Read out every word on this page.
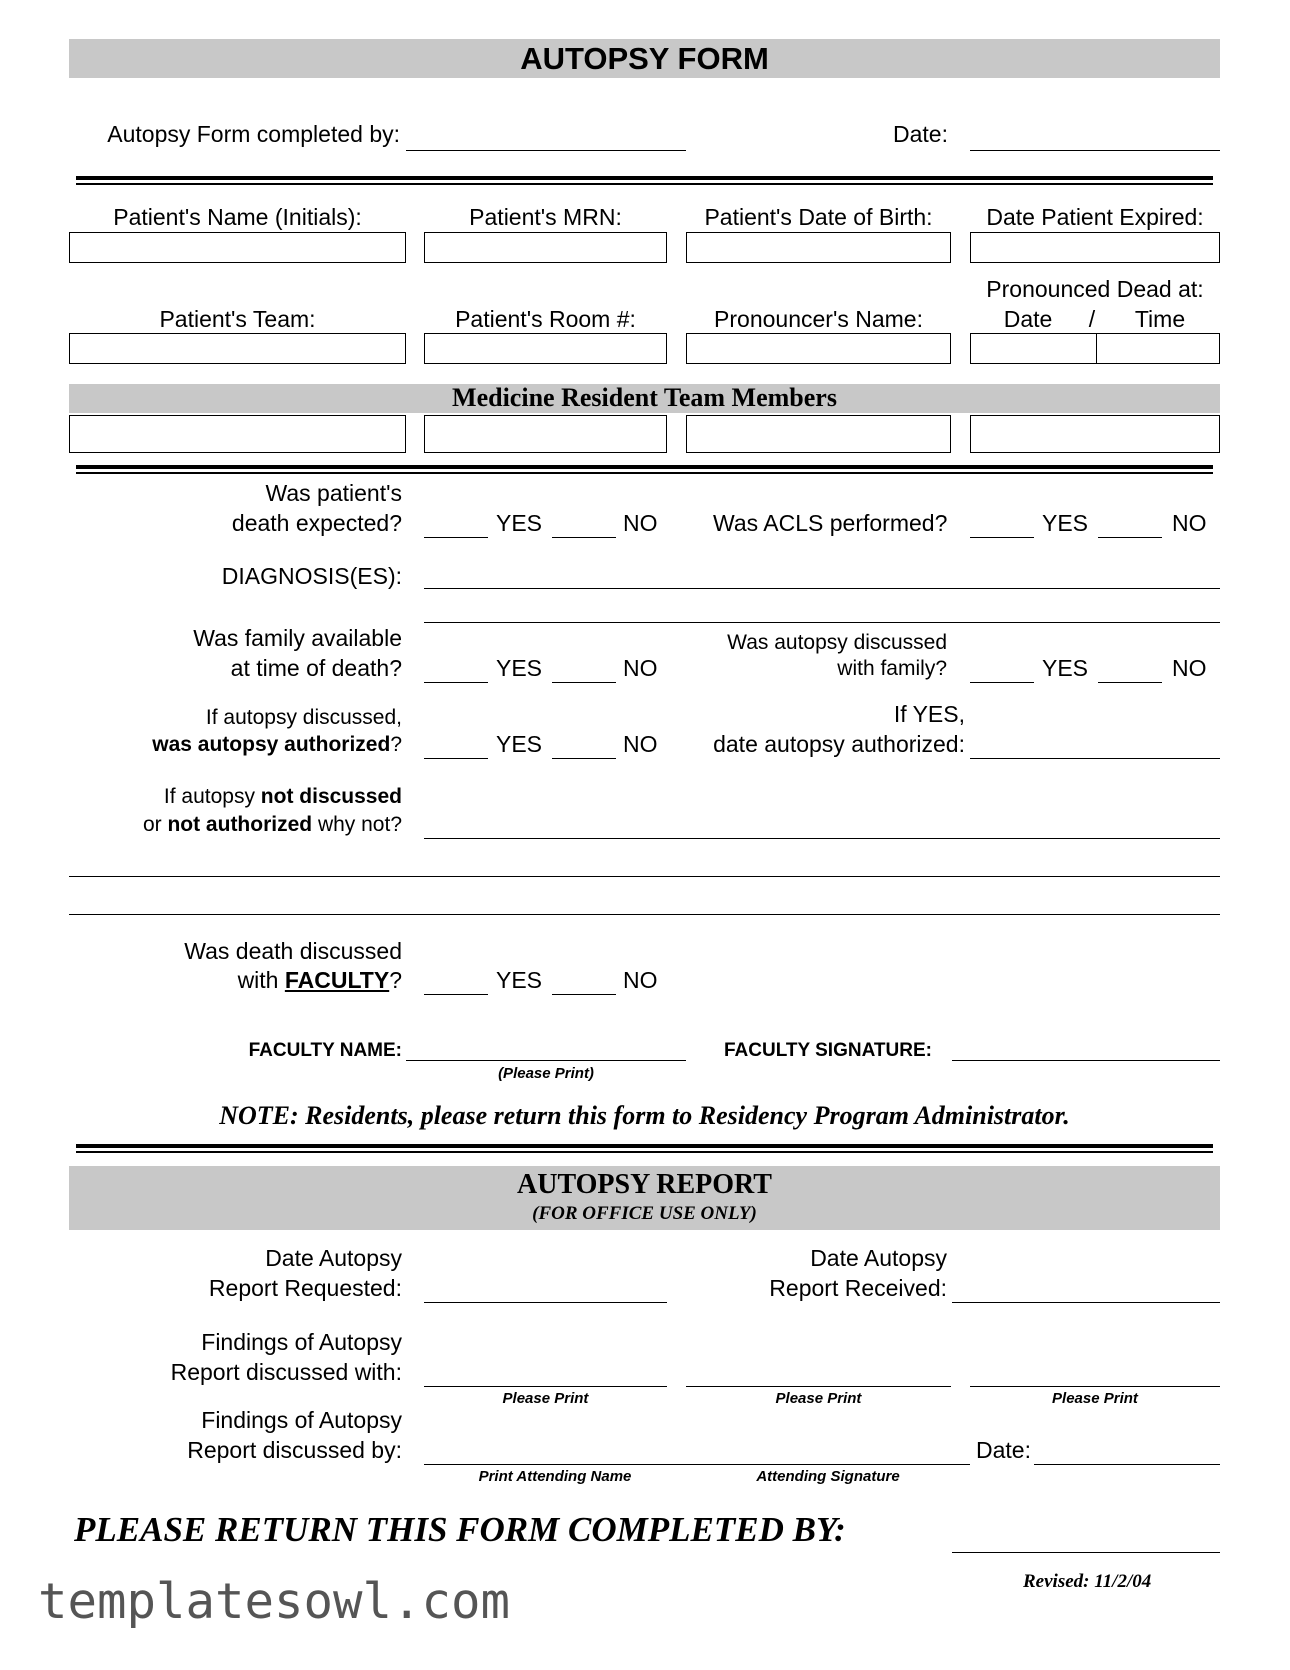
AUTOPSY FORM
Autopsy Form completed by:	Date:
Patient's Name (Initials):	Patient's MRN:	Patient's Date of Birth:	Date Patient Expired:
Pronounced Dead at:
Patient's Team:	Patient's Room #:	Pronouncer's Name:	Date	/	Time
Medicine Resident Team Members
Was patient's
death expected?	YES	NO Was ACLS performed?	YES	NO
DIAGNOSIS(ES):
Was family available
at time of death?	YES	NO
Was autopsy discussed
with family?	YES	NO
If autopsy discussed,
was autopsy authorized?	YES	NO
If YES,
date autopsy authorized:
If autopsy not discussed
or not authorized why not?
Was death discussed
with FACULTY?	YES	NO
FACULTY NAME:
(Please Print)
FACULTY SIGNATURE:
NOTE: Residents, please return this form to Residency Program Administrator.
AUTOPSY REPORT
(FOR OFFICE USE ONLY)
Date Autopsy
Report Requested:
Date Autopsy
Report Received:
Findings of Autopsy
Report discussed with:
Please Print	Please Print	Please Print
Findings of Autopsy
Report discussed by:	Date:
Print Attending Name	Attending Signature
PLEASE RETURN THIS FORM COMPLETED BY:
Revised: 11/2/04
templatesowl.com
